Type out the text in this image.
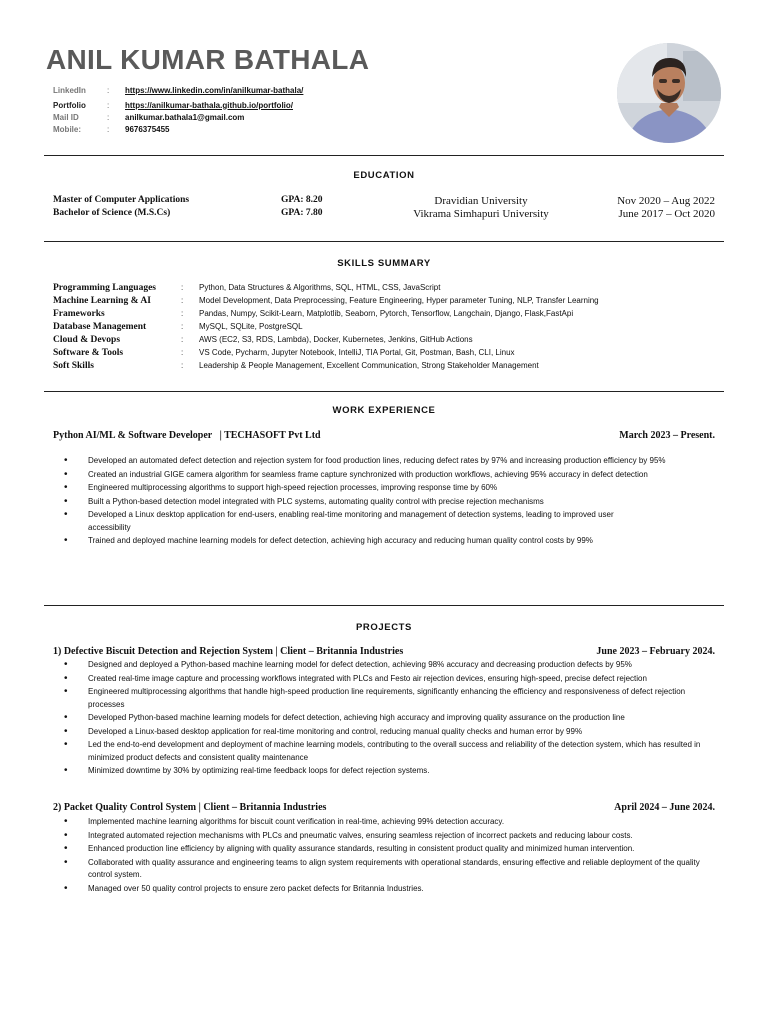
ANIL KUMAR BATHALA
LinkedIn	:	https://www.linkedin.com/in/anilkumar-bathala/
Portfolio	:	https://anilkumar-bathala.github.io/portfolio/
Mail ID	:	anilkumar.bathala1@gmail.com
Mobile:	:	9676375455
EDUCATION
Master of Computer Applications	GPA: 8.20	Dravidian University	Nov 2020 – Aug 2022
Bachelor of Science (M.S.Cs)	GPA: 7.80	Vikrama Simhapuri University	June 2017 – Oct 2020
SKILLS SUMMARY
Programming Languages	:	Python, Data Structures & Algorithms, SQL, HTML, CSS, JavaScript
Machine Learning & AI	:	Model Development, Data Preprocessing, Feature Engineering, Hyper parameter Tuning, NLP, Transfer Learning
Frameworks	:	Pandas, Numpy, Scikit-Learn, Matplotlib, Seaborn, Pytorch, Tensorflow, Langchain, Django, Flask,FastApi
Database Management	:	MySQL, SQLite, PostgreSQL
Cloud & Devops	:	AWS (EC2, S3, RDS, Lambda), Docker, Kubernetes, Jenkins, GitHub Actions
Software & Tools	:	VS Code, Pycharm, Jupyter Notebook, IntelliJ, TIA Portal, Git, Postman, Bash, CLI, Linux
Soft Skills	:	Leadership & People Management, Excellent Communication, Strong Stakeholder Management
WORK EXPERIENCE
Python AI/ML & Software Developer   | TECHASOFT Pvt Ltd	March 2023 – Present.
• Developed an automated defect detection and rejection system for food production lines, reducing defect rates by 97% and increasing production efficiency by 95%
• Created an industrial GIGE camera algorithm for seamless frame capture synchronized with production workflows, achieving 95% accuracy in defect detection
• Engineered multiprocessing algorithms to support high-speed rejection processes, improving response time by 60%
• Built a Python-based detection model integrated with PLC systems, automating quality control with precise rejection mechanisms
• Developed a Linux desktop application for end-users, enabling real-time monitoring and management of detection systems, leading to improved user accessibility
• Trained and deployed machine learning models for defect detection, achieving high accuracy and reducing human quality control costs by 99%
PROJECTS
1) Defective Biscuit Detection and Rejection System | Client – Britannia Industries	June 2023 – February 2024.
• Designed and deployed a Python-based machine learning model for defect detection, achieving 98% accuracy and decreasing production defects by 95%
• Created real-time image capture and processing workflows integrated with PLCs and Festo air rejection devices, ensuring high-speed, precise defect rejection
• Engineered multiprocessing algorithms that handle high-speed production line requirements, significantly enhancing the efficiency and responsiveness of defect rejection processes
• Developed Python-based machine learning models for defect detection, achieving high accuracy and improving quality assurance on the production line
• Developed a Linux-based desktop application for real-time monitoring and control, reducing manual quality checks and human error by 99%
• Led the end-to-end development and deployment of machine learning models, contributing to the overall success and reliability of the detection system, which has resulted in minimized product defects and consistent quality maintenance
• Minimized downtime by 30% by optimizing real-time feedback loops for defect rejection systems.
2) Packet Quality Control System | Client – Britannia Industries	April 2024 – June 2024.
• Implemented machine learning algorithms for biscuit count verification in real-time, achieving 99% detection accuracy.
• Integrated automated rejection mechanisms with PLCs and pneumatic valves, ensuring seamless rejection of incorrect packets and reducing labour costs.
• Enhanced production line efficiency by aligning with quality assurance standards, resulting in consistent product quality and minimized human intervention.
• Collaborated with quality assurance and engineering teams to align system requirements with operational standards, ensuring effective and reliable deployment of the quality control system.
• Managed over 50 quality control projects to ensure zero packet defects for Britannia Industries.
